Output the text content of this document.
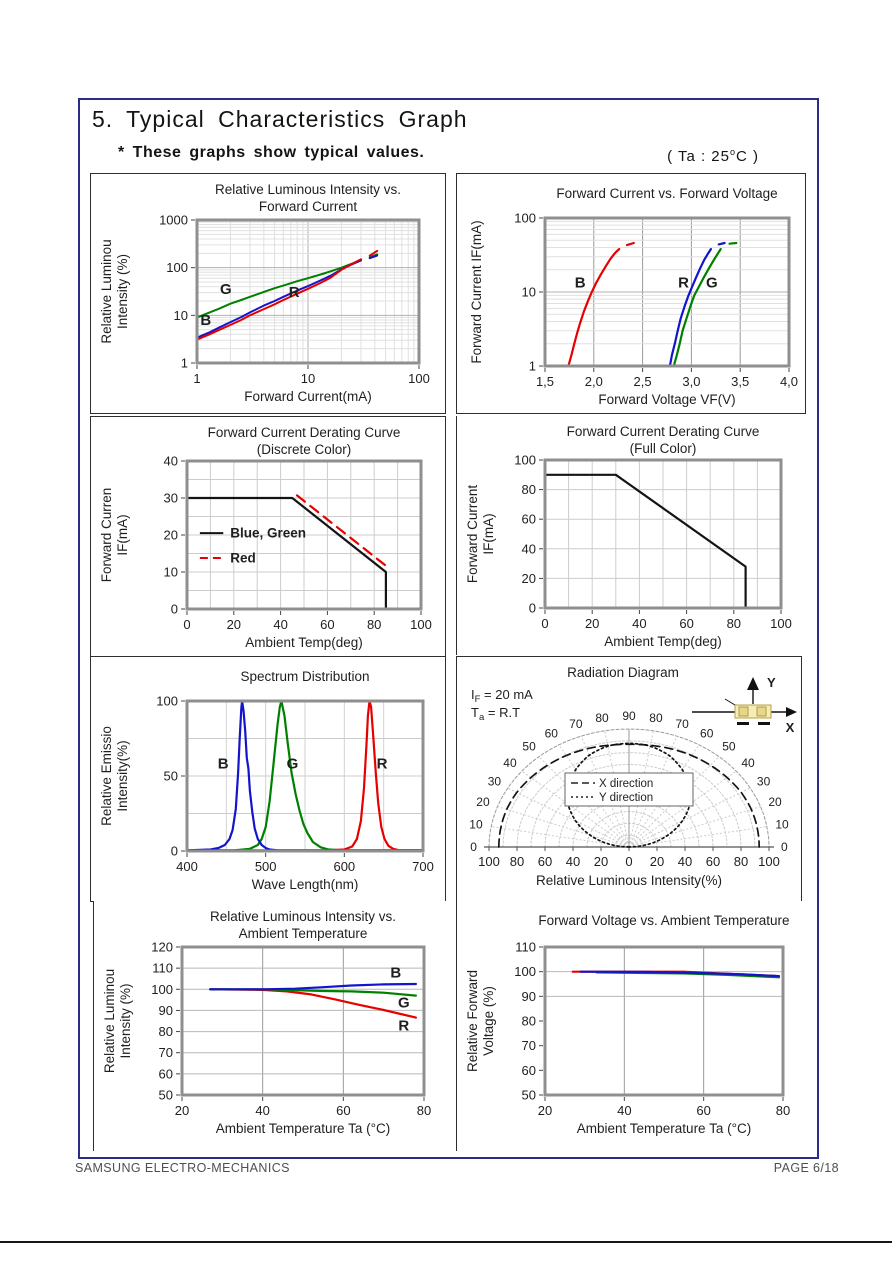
5. Typical Characteristics Graph
* These graphs show typical values.	( Ta : 25$^o$C )
1	10	100
1
10
100
1000
Relative Luminous Intensity vs.
Forward Current
Forward Current(mA)
Relative Luminou Intensity (%)	G
B
R
1,5 2,0 2,5 3,0 3,5 4,0
1
10
100
Forward Current vs. Forward Voltage
Forward Voltage VF(V)
Forward Current IF(mA)	B	R G
0	20 40 60 80 100
0
10
20
30
40
Forward Current Derating Curve
(Discrete Color)
Ambient Temp(deg)
Forward Curren IF(mA)	Blue, Green
Red
0	20	40	60	80 100
0
20
40
60
80
100
Forward Current Derating Curve
(Full Color)
Ambient Temp(deg)
Forward Current IF(mA)
400	500	600	700
0
50
100
Spectrum Distribution
Wave Length(nm)
Relative Emissio Intensity(%)	B	G	R
0
10
20
30
40
50
60
70 80 90 80 70
60
50
40
30
20
10
0
100 80 60 40 20 0 20 40 60 80 100
Relative Luminous Intensity(%)
Radiation Diagram
$I_F = 20$ mA
$T_a = R.T$
X direction
Y direction
X
Y
20	40	60	80
50
60
70
80
90
100
110
120
Relative Luminous Intensity vs.
Ambient Temperature
Ambient Temperature Ta (°C)
Relative Luminou Intensity (%)
B
G
R
20	40	60	80
50
60
70
80
90
100
110
Forward Voltage vs. Ambient Temperature
Ambient Temperature Ta (°C)
Relative Forward Voltage (%)
SAMSUNG ELECTRO-MECHANICS	PAGE 6/18
